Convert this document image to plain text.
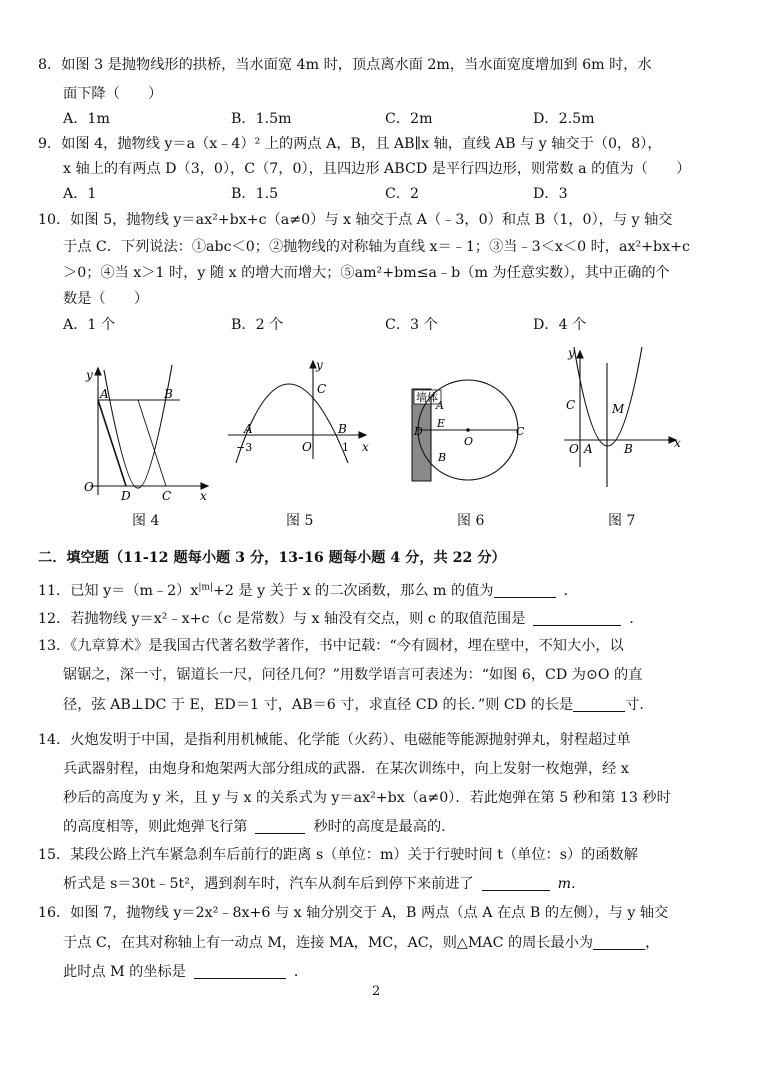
8．如图 3 是抛物线形的拱桥，当水面宽 4m 时，顶点离水面 2m，当水面宽度增加到 6m 时，水
面下降（　　）
A．1m	B．1.5m	C．2m	D．2.5m
9．如图 4，抛物线 y＝a（x﹣4）² 上的两点 A，B，且 AB∥x 轴，直线 AB 与 y 轴交于（0，8），
x 轴上的有两点 D（3，0），C（7，0），且四边形 ABCD 是平行四边形，则常数 a 的值为（　　）
A．1	B．1.5	C．2	D．3
10．如图 5，抛物线 y＝ax²+bx+c（a≠0）与 x 轴交于点 A（﹣3，0）和点 B（1，0），与 y 轴交
于点 C．下列说法：①abc＜0；②抛物线的对称轴为直线 x＝﹣1；③当﹣3＜x＜0 时，ax²+bx+c
＞0；④当 x＞1 时，y 随 x 的增大而增大；⑤am²+bm≤a﹣b（m 为任意实数），其中正确的个
数是（　　）
A．1 个	B．2 个	C．3 个	D．4 个
y
x
O
A	B
D	C
图 4
y
x
O
A	B
C
−3	1
图 5
墙体
A
B
D
E
O
C
图 6
y
x
O A	B
C	M
图 7
二．填空题（11-12 题每小题 3 分，13-16 题每小题 4 分，共 22 分）
11．已知 $y=(m﹣2)x^{|m|}+2$ 是 y 关于 x 的二次函数，那么 m 的值为	．
12．若抛物线 y＝x²﹣x+c（c 是常数）与 x 轴没有交点，则 c 的取值范围是	．
13．《九章算术》是我国古代著名数学著作，书中记载：“今有圆材，埋在壁中，不知大小，以
锯锯之，深一寸，锯道长一尺，问径几何？”用数学语言可表述为：“如图 6，CD 为⊙O 的直
径，弦 AB⊥DC 于 E，ED＝1 寸，AB＝6 寸，求直径 CD 的长．”则 CD 的长是	寸.
14．火炮发明于中国，是指利用机械能、化学能（火药）、电磁能等能源抛射弹丸，射程超过单
兵武器射程，由炮身和炮架两大部分组成的武器．在某次训练中，向上发射一枚炮弹，经 x
秒后的高度为 y 米，且 y 与 x 的关系式为 y＝ax²+bx（a≠0）．若此炮弹在第 5 秒和第 13 秒时
的高度相等，则此炮弹飞行第	秒时的高度是最高的.
15．某段公路上汽车紧急刹车后前行的距离 s（单位：m）关于行驶时间 t（单位：s）的函数解
析式是 s＝30t﹣5t²，遇到刹车时，汽车从刹车后到停下来前进了	m.
16．如图 7，抛物线 y＝2x²﹣8x+6 与 x 轴分别交于 A，B 两点（点 A 在点 B 的左侧），与 y 轴交
于点 C，在其对称轴上有一动点 M，连接 MA，MC，AC，则△MAC 的周长最小为	，
此时点 M 的坐标是	．
2
